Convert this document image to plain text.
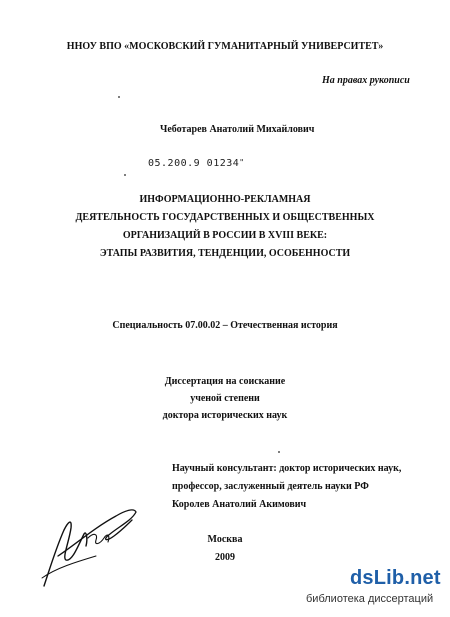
ННОУ ВПО «МОСКОВСКИЙ ГУМАНИТАРНЫЙ УНИВЕРСИТЕТ»
На правах рукописи
Чеботарев Анатолий Михайлович
05.200.9 01234"
ИНФОРМАЦИОННО-РЕКЛАМНАЯ
ДЕЯТЕЛЬНОСТЬ ГОСУДАРСТВЕННЫХ И ОБЩЕСТВЕННЫХ
ОРГАНИЗАЦИЙ В РОССИИ В XVIII ВЕКЕ:
ЭТАПЫ РАЗВИТИЯ, ТЕНДЕНЦИИ, ОСОБЕННОСТИ
Специальность 07.00.02 – Отечественная история
Диссертация на соискание
ученой степени
доктора исторических наук
Научный консультант: доктор исторических наук,
профессор, заслуженный деятель науки РФ
Королев Анатолий Акимович
Москва
2009
dsLib.net
библиотека диссертаций
